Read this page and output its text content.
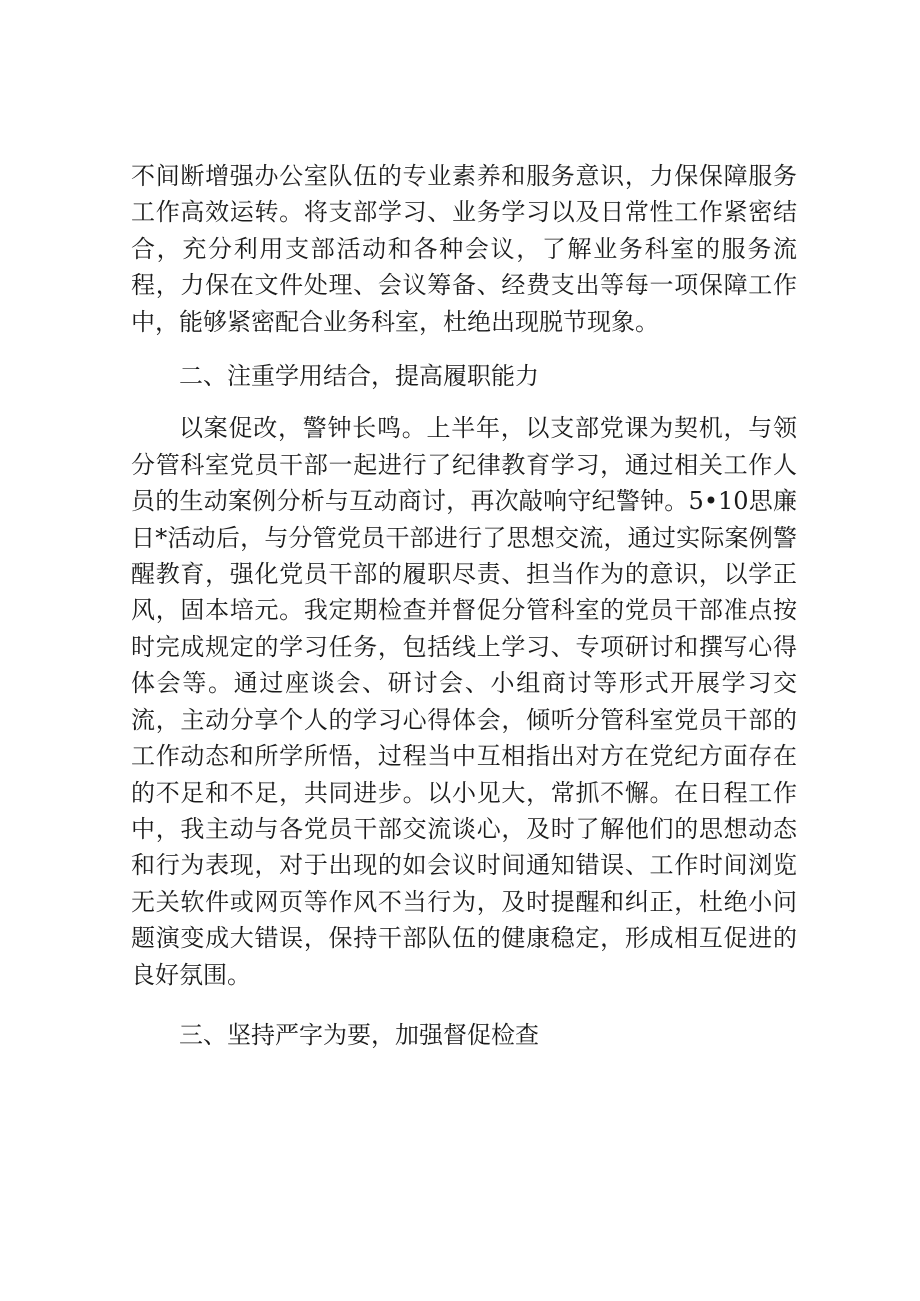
不间断增强办公室队伍的专业素养和服务意识，力保保障服务工作高效运转。将支部学习、业务学习以及日常性工作紧密结合，充分利用支部活动和各种会议，了解业务科室的服务流程，力保在文件处理、会议筹备、经费支出等每一项保障工作中，能够紧密配合业务科室，杜绝出现脱节现象。

二、注重学用结合，提高履职能力

以案促改，警钟长鸣。上半年，以支部党课为契机，与领分管科室党员干部一起进行了纪律教育学习，通过相关工作人员的生动案例分析与互动商讨，再次敲响守纪警钟。5•10思廉日*活动后，与分管党员干部进行了思想交流，通过实际案例警醒教育，强化党员干部的履职尽责、担当作为的意识，以学正风，固本培元。我定期检查并督促分管科室的党员干部准点按时完成规定的学习任务，包括线上学习、专项研讨和撰写心得体会等。通过座谈会、研讨会、小组商讨等形式开展学习交流，主动分享个人的学习心得体会，倾听分管科室党员干部的工作动态和所学所悟，过程当中互相指出对方在党纪方面存在的不足和不足，共同进步。以小见大，常抓不懈。在日程工作中，我主动与各党员干部交流谈心，及时了解他们的思想动态和行为表现，对于出现的如会议时间通知错误、工作时间浏览无关软件或网页等作风不当行为，及时提醒和纠正，杜绝小问题演变成大错误，保持干部队伍的健康稳定，形成相互促进的良好氛围。

三、坚持严字为要，加强督促检查
